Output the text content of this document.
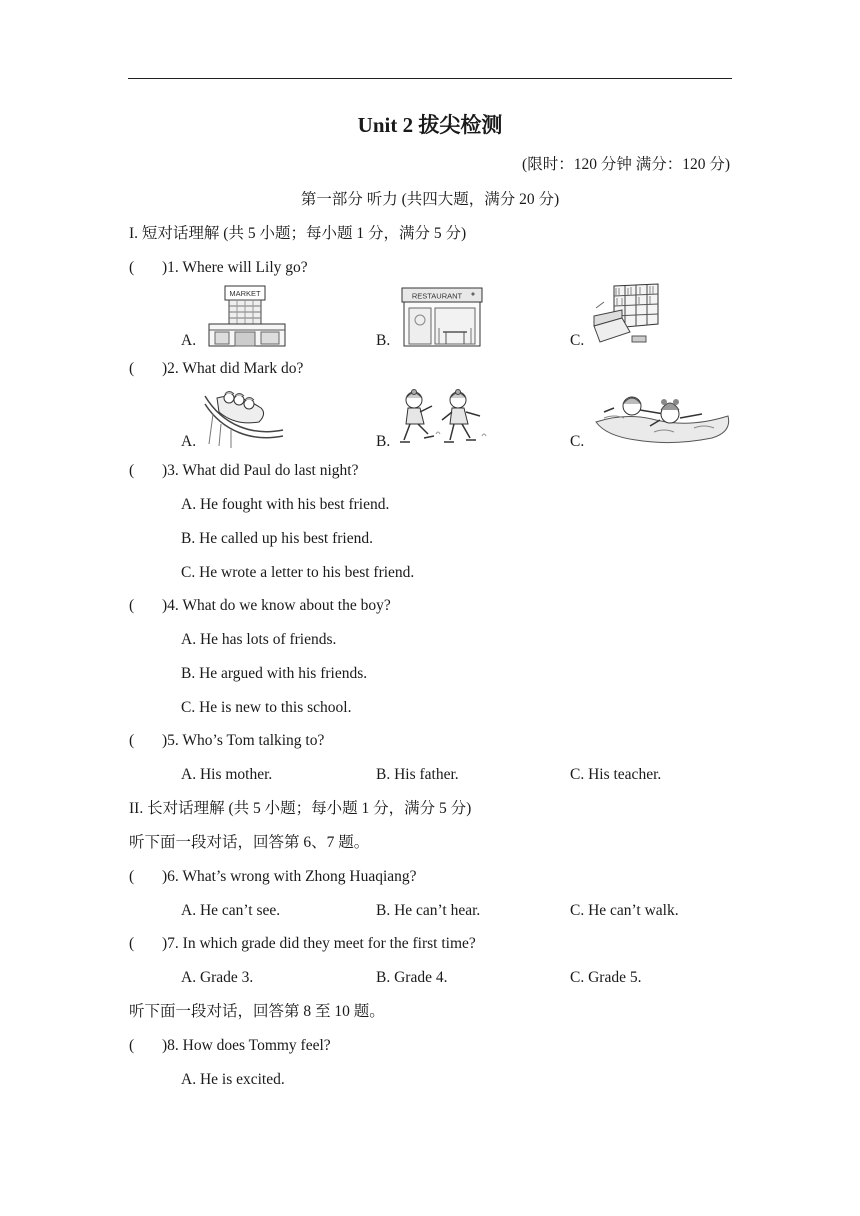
Unit 2 拔尖检测
(限时：120 分钟 满分：120 分)
第一部分 听力 (共四大题，满分 20 分)
I. 短对话理解 (共 5 小题；每小题 1 分，满分 5 分)
( )1. Where will Lily go?
A.
MARKET
B.
RESTAURANT
C.
( )2. What did Mark do?
A.	B.	C.
( )3. What did Paul do last night?
A. He fought with his best friend.
B. He called up his best friend.
C. He wrote a letter to his best friend.
( )4. What do we know about the boy?
A. He has lots of friends.
B. He argued with his friends.
C. He is new to this school.
( )5. Who’s Tom talking to?
A. His mother.	B. His father.	C. His teacher.
II. 长对话理解 (共 5 小题；每小题 1 分，满分 5 分)
听下面一段对话，回答第 6、7 题。
( )6. What’s wrong with Zhong Huaqiang?
A. He can’t see.	B. He can’t hear.	C. He can’t walk.
( )7. In which grade did they meet for the first time?
A. Grade 3.	B. Grade 4.	C. Grade 5.
听下面一段对话，回答第 8 至 10 题。
( )8. How does Tommy feel?
A. He is excited.
